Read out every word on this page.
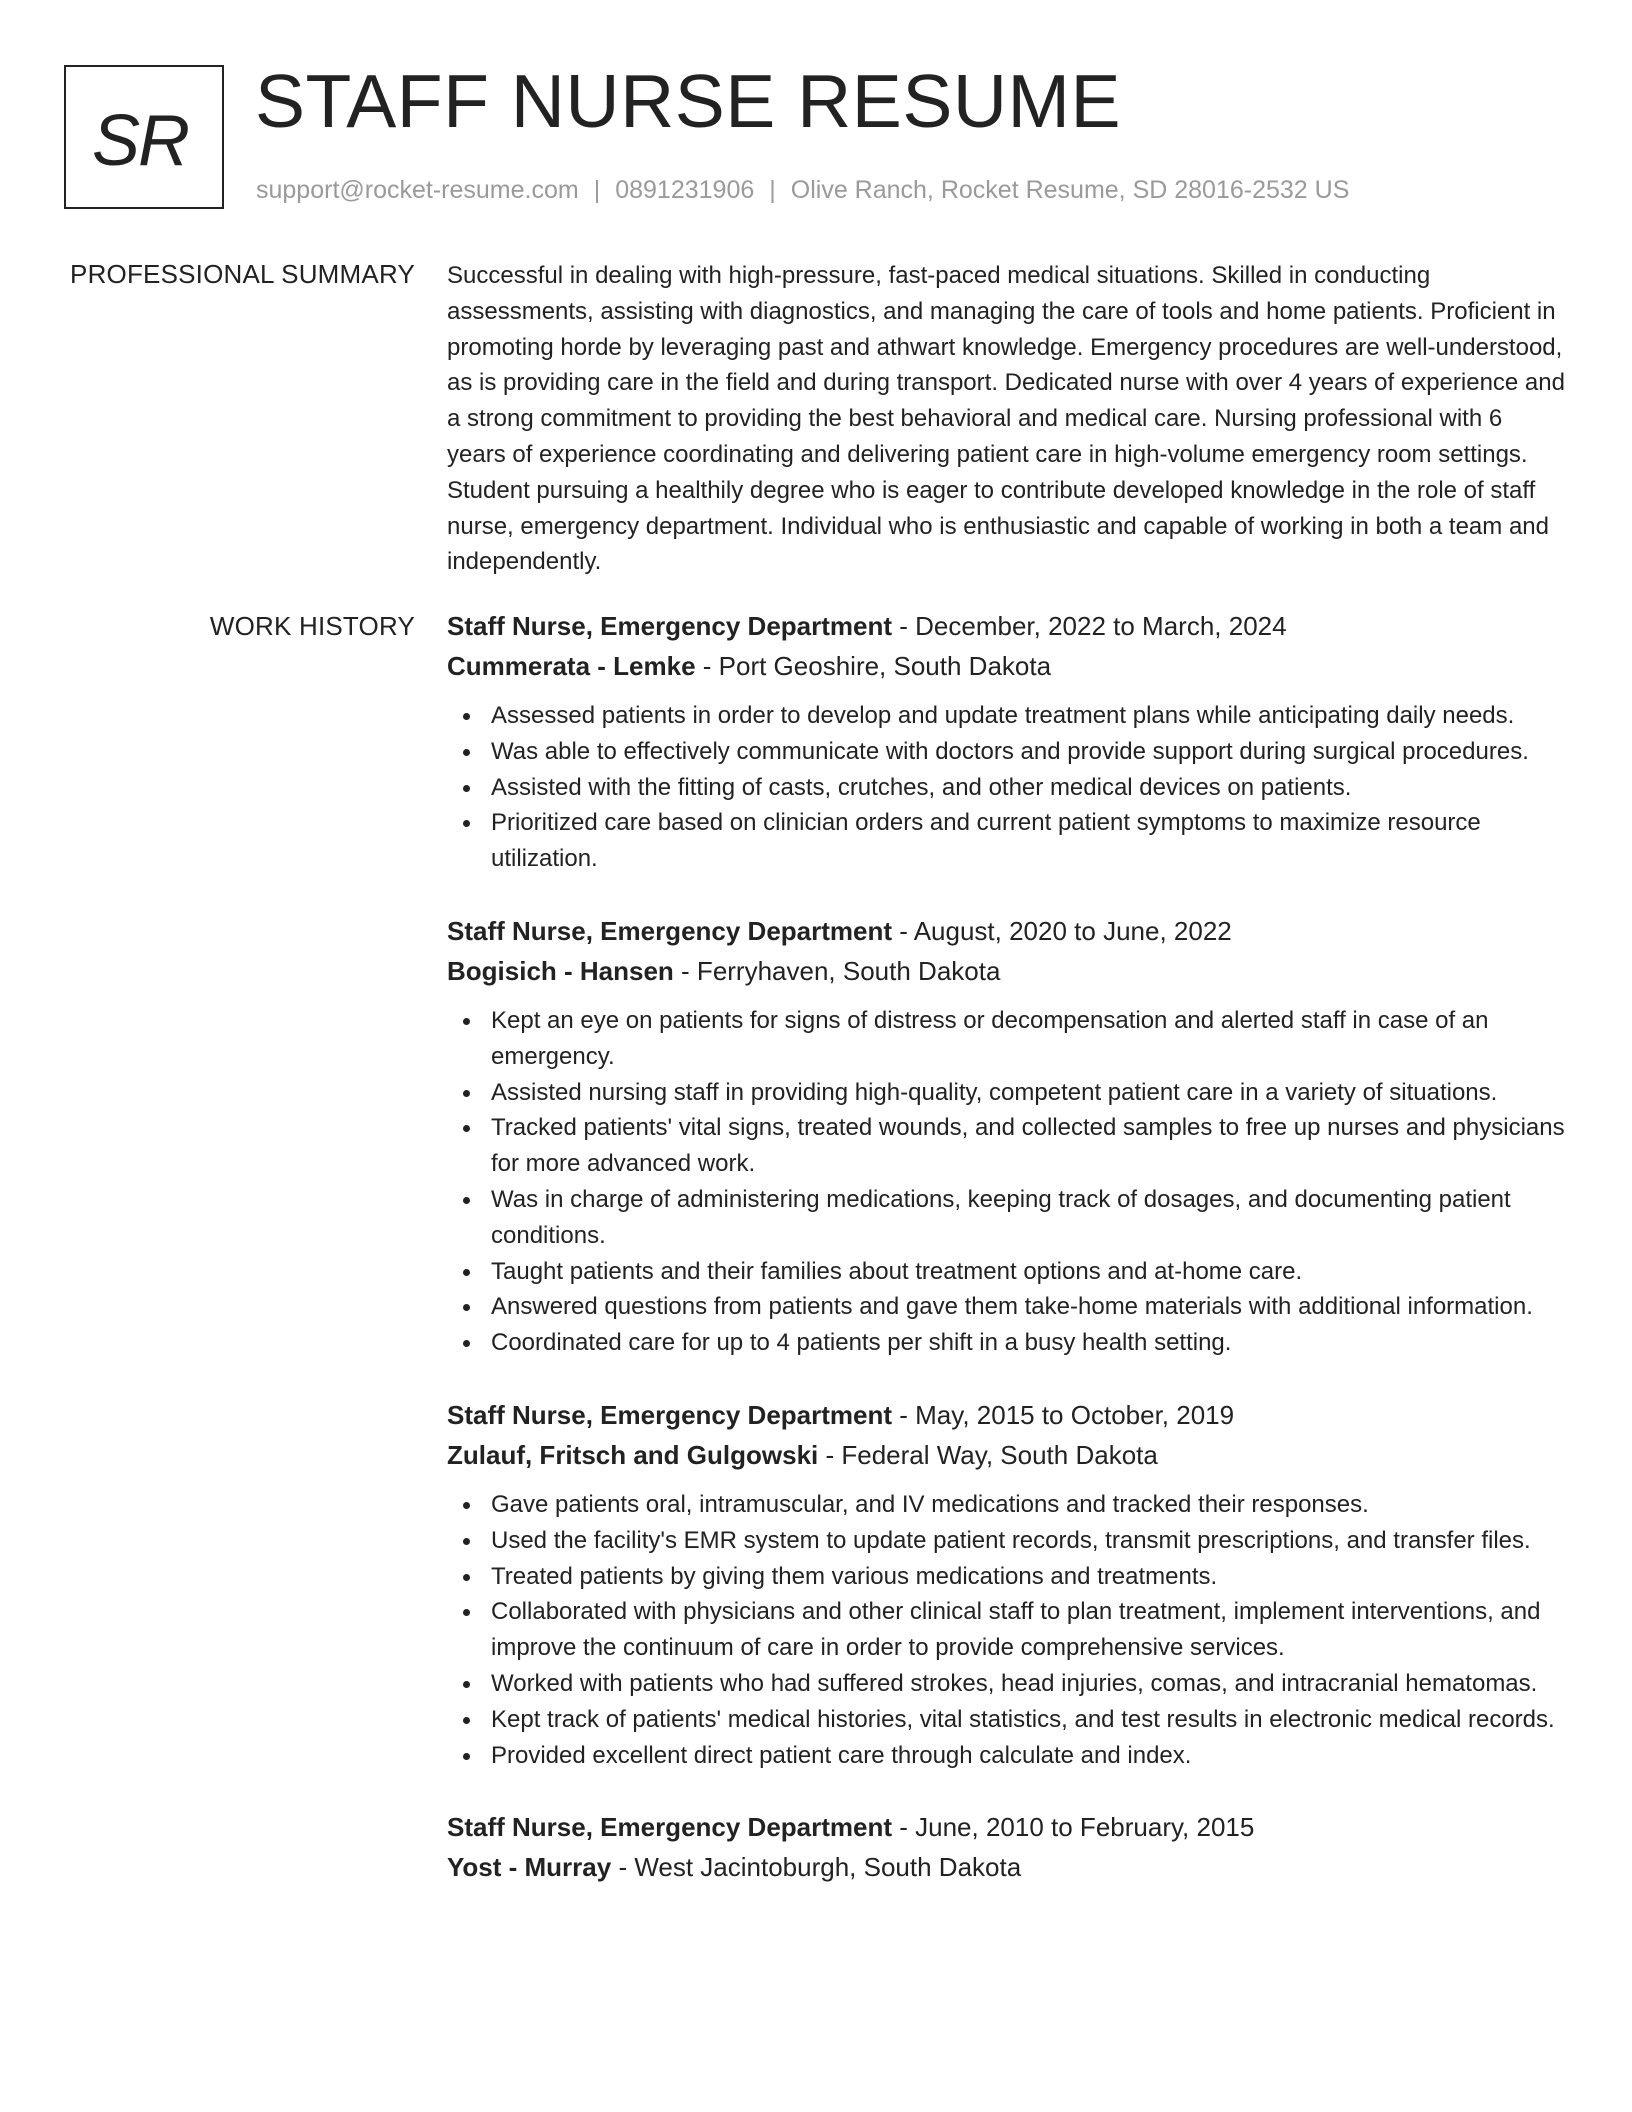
SR STAFF NURSE RESUME
support@rocket-resume.com | 0891231906 | Olive Ranch, Rocket Resume, SD 28016-2532 US
PROFESSIONAL SUMMARY Successful in dealing with high-pressure, fast-paced medical situations. Skilled in conducting assessments, assisting with diagnostics, and managing the care of tools and home patients. Proficient in promoting horde by leveraging past and athwart knowledge. Emergency procedures are well-understood, as is providing care in the field and during transport. Dedicated nurse with over 4 years of experience and a strong commitment to providing the best behavioral and medical care. Nursing professional with 6 years of experience coordinating and delivering patient care in high-volume emergency room settings. Student pursuing a healthily degree who is eager to contribute developed knowledge in the role of staff nurse, emergency department. Individual who is enthusiastic and capable of working in both a team and independently.

WORK HISTORY Staff Nurse, Emergency Department - December, 2022 to March, 2024
Cummerata - Lemke - Port Geoshire, South Dakota
Assessed patients in order to develop and update treatment plans while anticipating daily needs.
Was able to effectively communicate with doctors and provide support during surgical procedures.
Assisted with the fitting of casts, crutches, and other medical devices on patients.
Prioritized care based on clinician orders and current patient symptoms to maximize resource utilization.
Staff Nurse, Emergency Department - August, 2020 to June, 2022
Bogisich - Hansen - Ferryhaven, South Dakota
Kept an eye on patients for signs of distress or decompensation and alerted staff in case of an emergency.
Assisted nursing staff in providing high-quality, competent patient care in a variety of situations.
Tracked patients' vital signs, treated wounds, and collected samples to free up nurses and physicians for more advanced work.
Was in charge of administering medications, keeping track of dosages, and documenting patient conditions.
Taught patients and their families about treatment options and at-home care.
Answered questions from patients and gave them take-home materials with additional information.
Coordinated care for up to 4 patients per shift in a busy health setting.
Staff Nurse, Emergency Department - May, 2015 to October, 2019
Zulauf, Fritsch and Gulgowski - Federal Way, South Dakota
Gave patients oral, intramuscular, and IV medications and tracked their responses.
Used the facility's EMR system to update patient records, transmit prescriptions, and transfer files.
Treated patients by giving them various medications and treatments.
Collaborated with physicians and other clinical staff to plan treatment, implement interventions, and improve the continuum of care in order to provide comprehensive services.
Worked with patients who had suffered strokes, head injuries, comas, and intracranial hematomas.
Kept track of patients' medical histories, vital statistics, and test results in electronic medical records.
Provided excellent direct patient care through calculate and index.
Staff Nurse, Emergency Department - June, 2010 to February, 2015
Yost - Murray - West Jacintoburgh, South Dakota
